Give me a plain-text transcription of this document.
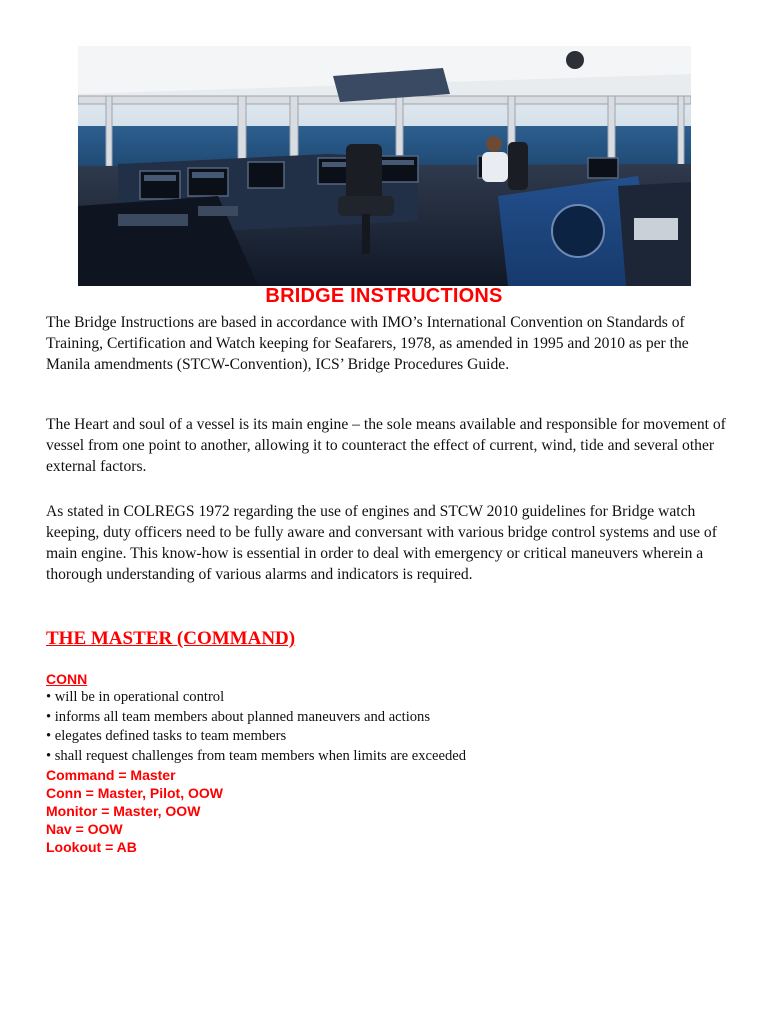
BRIDGE INSTRUCTIONS

The Bridge Instructions are based in accordance with IMO’s International Convention on Standards of Training, Certification and Watch keeping for Seafarers, 1978, as amended in 1995 and 2010 as per the Manila amendments (STCW-Convention), ICS’ Bridge Procedures Guide.

The Heart and soul of a vessel is its main engine – the sole means available and responsible for movement of vessel from one point to another, allowing it to counteract the effect of current, wind, tide and several other external factors.

As stated in COLREGS 1972 regarding the use of engines and STCW 2010 guidelines for Bridge watch keeping, duty officers need to be fully aware and conversant with various bridge control systems and use of main engine. This know-how is essential in order to deal with emergency or critical maneuvers wherein a thorough understanding of various alarms and indicators is required.

THE MASTER (COMMAND)
CONN
• will be in operational control
• informs all team members about planned maneuvers and actions
• elegates defined tasks to team members
• shall request challenges from team members when limits are exceeded
Command = Master
Conn = Master, Pilot, OOW
Monitor = Master, OOW
Nav = OOW
Lookout = AB
